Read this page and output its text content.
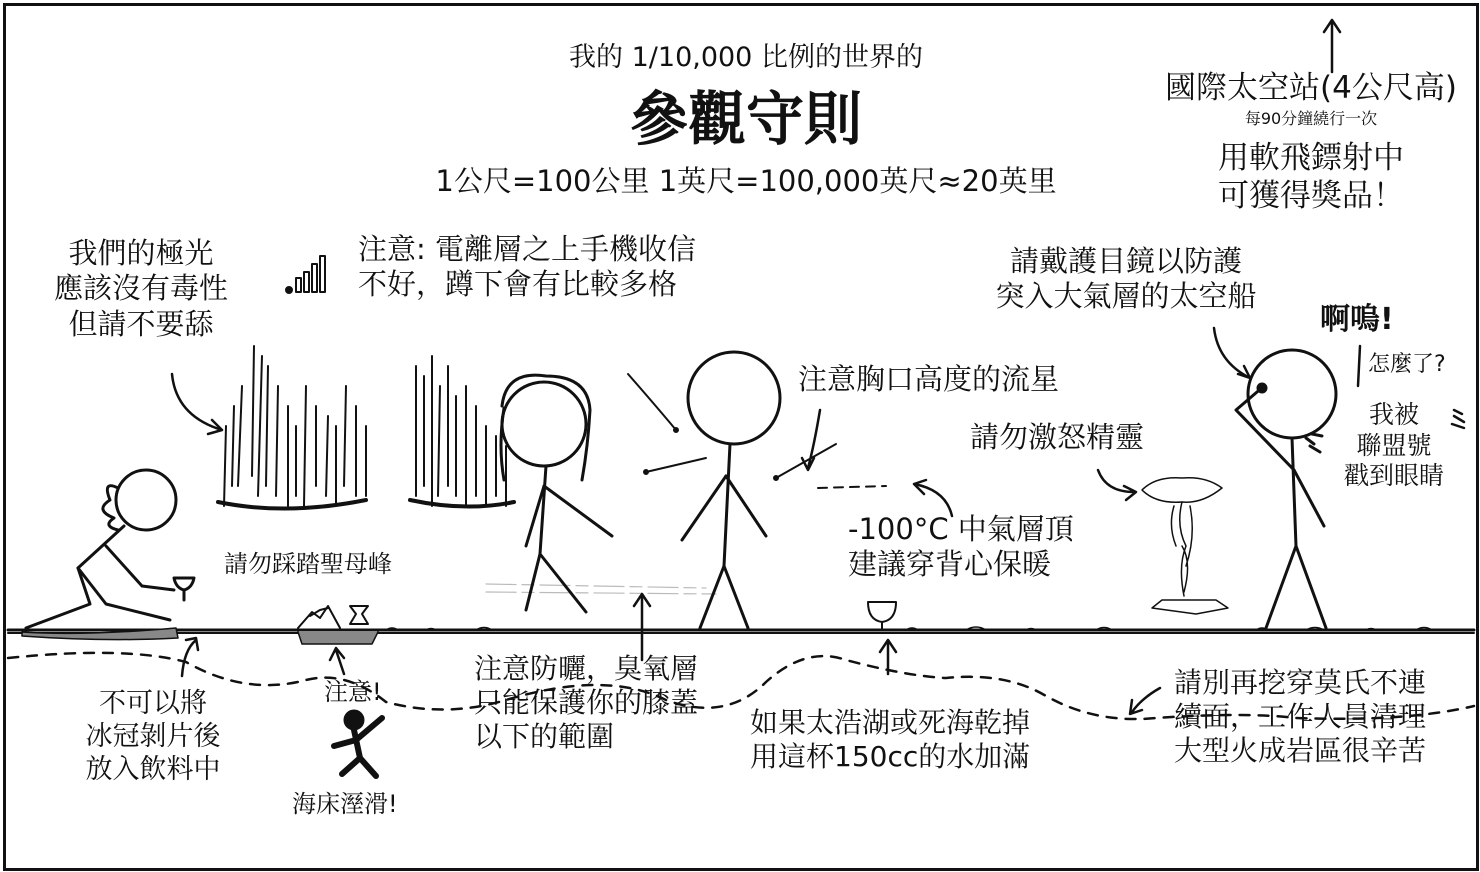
我的 1/10,000 比例的世界的
參觀守則
1公尺=100公里 1英尺=100,000英尺≈20英里
國際太空站(4公尺高)
每90分鐘繞行一次
用軟飛鏢射中
可獲得獎品！
我們的極光
應該沒有毒性
但請不要舔
注意: 電離層之上手機收信
不好，蹲下會有比較多格
請戴護目鏡以防護
突入大氣層的太空船
啊嗚!
怎麼了?
我被
聯盟號
戳到眼睛
注意胸口高度的流星
請勿激怒精靈
請勿踩踏聖母峰
-100°C 中氣層頂
建議穿背心保暖
不可以將
冰冠剝片後
放入飲料中
注意!
海床溼滑!
注意防曬，臭氧層
只能保護你的膝蓋
以下的範圍	如果太浩湖或死海乾掉
用這杯150cc的水加滿
請別再挖穿莫氏不連
續面，工作人員清理
大型火成岩區很辛苦
